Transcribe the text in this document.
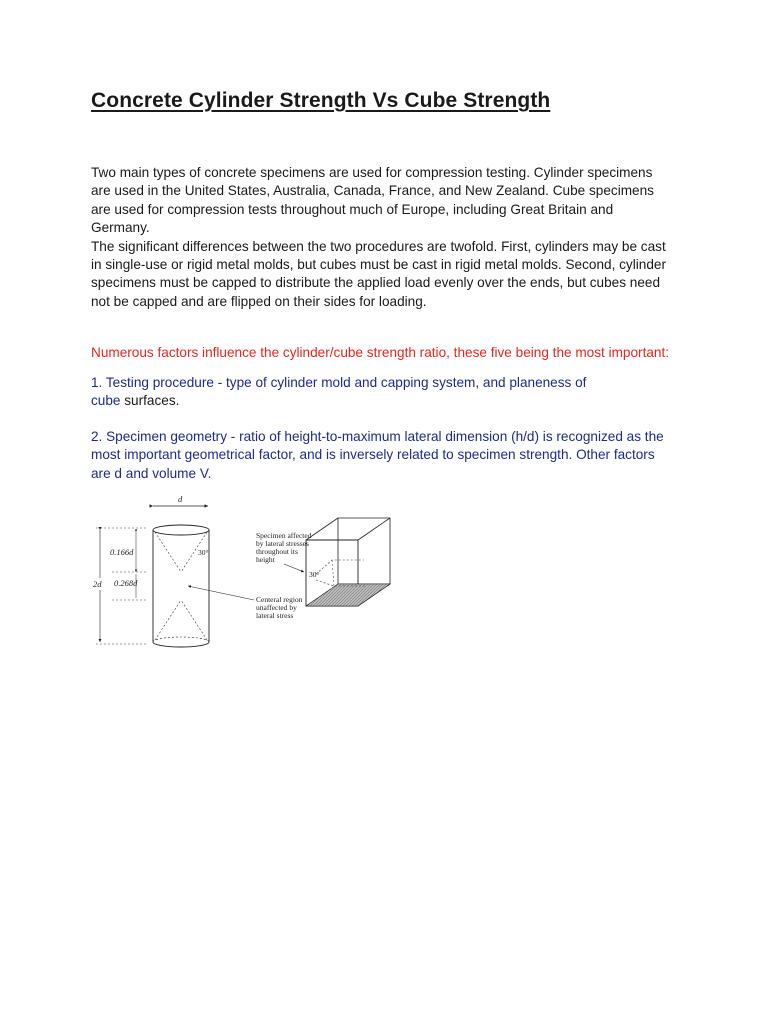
Concrete Cylinder Strength Vs Cube Strength

Two main types of concrete specimens are used for compression testing. Cylinder specimens
are used in the United States, Australia, Canada, France, and New Zealand. Cube specimens
are used for compression tests throughout much of Europe, including Great Britain and
Germany.
The significant differences between the two procedures are twofold. First, cylinders may be cast
in single-use or rigid metal molds, but cubes must be cast in rigid metal molds. Second, cylinder
specimens must be capped to distribute the applied load evenly over the ends, but cubes need
not be capped and are flipped on their sides for loading.

Numerous factors influence the cylinder/cube strength ratio, these five being the most important:

1. Testing procedure - type of cylinder mold and capping system, and planeness of
cube surfaces.

2. Specimen geometry - ratio of height-to-maximum lateral dimension (h/d) is recognized as the
most important geometrical factor, and is inversely related to specimen strength. Other factors
are d and volume V.

d
30°
2d
0.166d
0.268d
Specimen affected by lateral stresses throughout its height
Centeral region unaffected by lateral stress
30°
